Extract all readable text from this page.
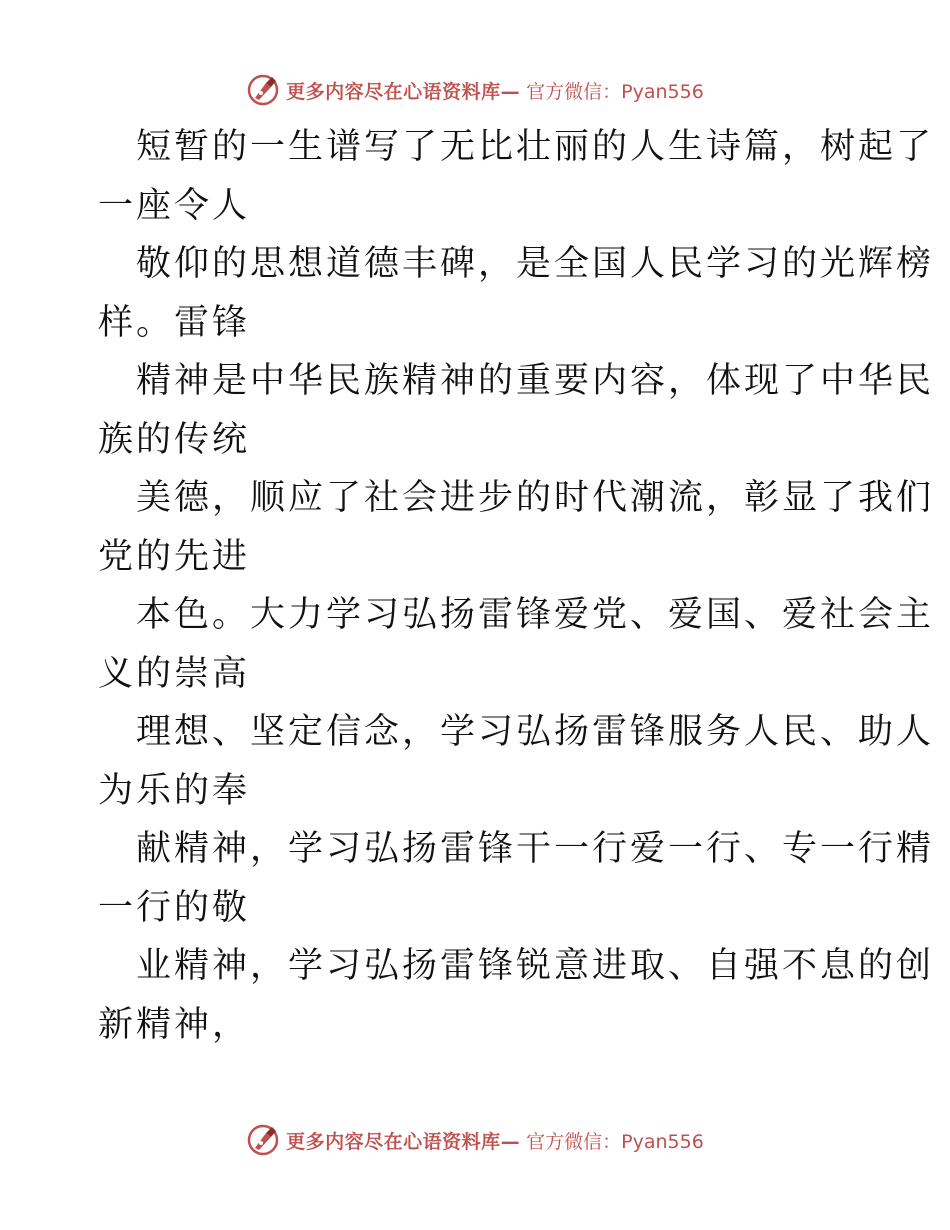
更多内容尽在心语资料库— 官方微信：Pyan556
短暂的一生谱写了无比壮丽的人生诗篇，树起了
一座令人
敬仰的思想道德丰碑，是全国人民学习的光辉榜
样。雷锋
精神是中华民族精神的重要内容，体现了中华民
族的传统
美德，顺应了社会进步的时代潮流，彰显了我们
党的先进
本色。大力学习弘扬雷锋爱党、爱国、爱社会主
义的崇高
理想、坚定信念，学习弘扬雷锋服务人民、助人
为乐的奉
献精神，学习弘扬雷锋干一行爱一行、专一行精
一行的敬
业精神，学习弘扬雷锋锐意进取、自强不息的创
新精神，
更多内容尽在心语资料库— 官方微信：Pyan556
